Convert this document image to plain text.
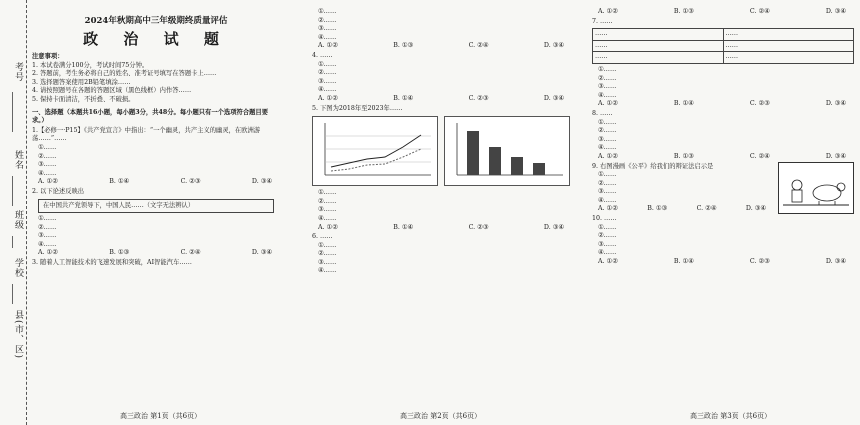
考号
姓名
班级
学校
县(市、区)
2024年秋期高中三年级期终质量评估
政 治 试 题
注意事项：
1. 本试卷满分100分，考试时间75分钟。
2. 答题前，考生务必将自己的姓名、准考证号填写在答题卡上……
3. 选择题答案使用2B铅笔填涂……
4. 请按照题号在各题的答题区域（黑色线框）内作答……
5. 保持卡面清洁，不折叠、不破损。
一、选择题（本题共16小题，每小题3分，共48分。每小题只有一个选项符合题目要求。）
1.【必修一·P15】《共产党宣言》中指出：“一个幽灵，共产主义的幽灵，在欧洲游荡……”……
①……
②……
③……
④……
A. ①②	B. ①④	C. ②③	D. ③④
2. 以下论述反映出
在中国共产党领导下，中国人民……（文字无法辨认）
①……
②……
③……
④……
A. ①②	B. ①③	C. ②④	D. ③④
3. 随着人工智能技术的飞速发展和突破，AI智能汽车……
高三政治 第1页（共6页）
①……
②……
③……
④……
A. ①②	B. ①③	C. ②④	D. ③④
4. ……
①……
②……
③……
④……
A. ①②	B. ①④	C. ②③	D. ③④
5. 下图为2018年至2023年……
①……
②……
③……
④……
A. ①②	B. ①④	C. ②③	D. ③④
6. ……
①……
②……
③……
④……
高三政治 第2页（共6页）
A. ①②	B. ①③	C. ②④	D. ③④
7. ……
……	……
……	……
……	……
①……
②……
③……
④……
A. ①②	B. ①④	C. ②③	D. ③④
8. ……
①……
②……
③……
④……
A. ①②	B. ①③	C. ②④	D. ③④
9. 右图漫画《公平》给我们的辩证法启示是
①……
②……
③……
④……
A. ①②	B. ①③	C. ②④	D. ③④
10. ……
①……
②……
③……
④……
A. ①②	B. ①④	C. ②③	D. ③④
高三政治 第3页（共6页）
